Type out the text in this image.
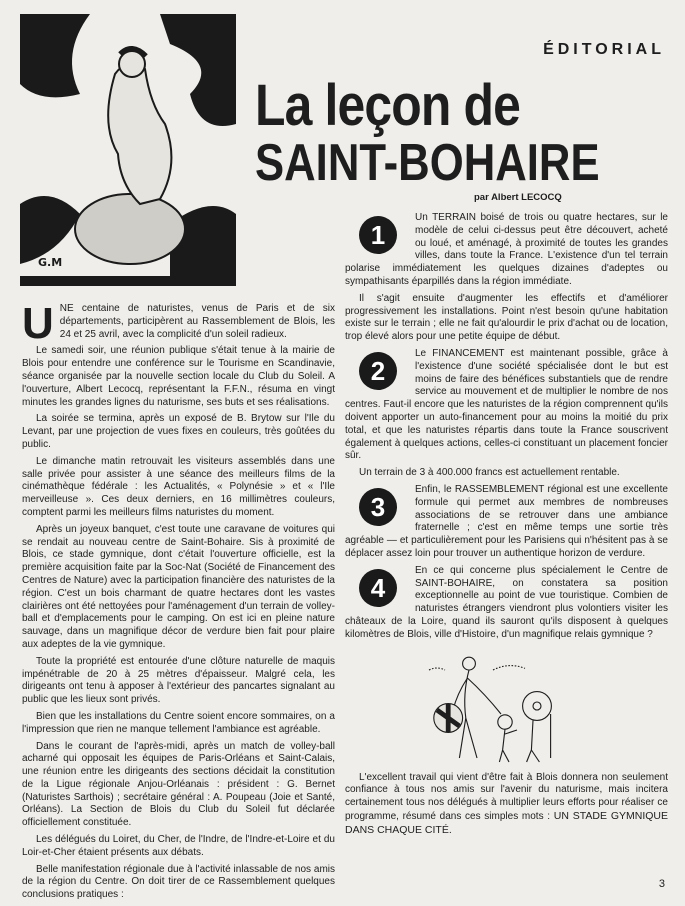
G.M
ÉDITORIAL
La leçon de
SAINT-BOHAIRE
par Albert LECOCQ

UNE centaine de naturistes, venus de Paris et de six départements, participèrent au Rassemblement de Blois, les 24 et 25 avril, avec la complicité d'un soleil radieux.

Le samedi soir, une réunion publique s'était tenue à la mairie de Blois pour entendre une conférence sur le Tourisme en Scandinavie, séance organisée par la nouvelle section locale du Club du Soleil. A l'ouverture, Albert Lecocq, représentant la F.F.N., résuma en vingt minutes les grandes lignes du naturisme, ses buts et ses réalisations.

La soirée se termina, après un exposé de B. Brytow sur l'Ile du Levant, par une projection de vues fixes en couleurs, très goûtées du public.

Le dimanche matin retrouvait les visiteurs assemblés dans une salle privée pour assister à une séance des meilleurs films de la cinémathèque fédérale : les Actualités, « Polynésie » et « l'Ile merveilleuse ». Ces deux derniers, en 16 millimètres couleurs, comptent parmi les meilleurs films naturistes du moment.

Après un joyeux banquet, c'est toute une caravane de voitures qui se rendait au nouveau centre de Saint-Bohaire. Sis à proximité de Blois, ce stade gymnique, dont c'était l'ouverture officielle, est la première acquisition faite par la Soc-Nat (Société de Financement des Centres de Nature) avec la participation financière des naturistes de la région. C'est un bois charmant de quatre hectares dont les vastes clairières ont été nettoyées pour l'aménagement d'un terrain de volley-ball et d'emplacements pour le camping. On est ici en pleine nature sauvage, dans un magnifique décor de verdure bien fait pour plaire aux adeptes de la vie gymnique.

Toute la propriété est entourée d'une clôture naturelle de maquis impénétrable de 20 à 25 mètres d'épaisseur. Malgré cela, les dirigeants ont tenu à apposer à l'extérieur des pancartes signalant au public que les lieux sont privés.

Bien que les installations du Centre soient encore sommaires, on a l'impression que rien ne manque tellement l'ambiance est agréable.

Dans le courant de l'après-midi, après un match de volley-ball acharné qui opposait les équipes de Paris-Orléans et Saint-Calais, une réunion entre les dirigeants des sections décidait la constitution de la Ligue régionale Anjou-Orléanais : président : G. Bernet (Naturistes Sarthois) ; secrétaire général : A. Poupeau (Joie et Santé, Orléans). La Section de Blois du Club du Soleil fut déclarée officiellement constituée.

Les délégués du Loiret, du Cher, de l'Indre, de l'Indre-et-Loire et du Loir-et-Cher étaient présents aux débats.

Belle manifestation régionale due à l'activité inlassable de nos amis de la région du Centre. On doit tirer de ce Rassemblement quelques conclusions pratiques :

1

Un TERRAIN boisé de trois ou quatre hectares, sur le modèle de celui ci-dessus peut être découvert, acheté ou loué, et aménagé, à proximité de toutes les grandes villes, dans toute la France. L'existence d'un tel terrain polarise immédiatement les quelques dizaines d'adeptes ou sympathisants éparpillés dans la région immédiate.

Il s'agit ensuite d'augmenter les effectifs et d'améliorer progressivement les installations. Point n'est besoin qu'une habitation existe sur le terrain ; elle ne fait qu'alourdir le prix d'achat ou de location, trop élevé alors pour une petite équipe de début.

2

Le FINANCEMENT est maintenant possible, grâce à l'existence d'une société spécialisée dont le but est moins de faire des bénéfices substantiels que de rendre service au mouvement et de multiplier le nombre de nos centres. Faut-il encore que les naturistes de la région comprennent qu'ils doivent apporter un auto-financement pour au moins la moitié du prix total, et que les naturistes répartis dans toute la France souscrivent également à quelques actions, celles-ci constituant un placement foncier sûr.

Un terrain de 3 à 400.000 francs est actuellement rentable.

3

Enfin, le RASSEMBLEMENT régional est une excellente formule qui permet aux membres de nombreuses associations de se retrouver dans une ambiance fraternelle ; c'est en même temps une sortie très agréable — et particulièrement pour les Parisiens qui n'hésitent pas à se déplacer assez loin pour trouver un authentique horizon de verdure.

4

En ce qui concerne plus spécialement le Centre de SAINT-BOHAIRE, on constatera sa position exceptionnelle au point de vue touristique. Combien de naturistes étrangers viendront plus volontiers visiter les châteaux de la Loire, quand ils sauront qu'ils disposent à quelques kilomètres de Blois, ville d'Histoire, d'un magnifique relais gymnique ?

L'excellent travail qui vient d'être fait à Blois donnera non seulement confiance à tous nos amis sur l'avenir du naturisme, mais incitera certainement tous nos délégués à multiplier leurs efforts pour réaliser ce programme, résumé dans ces simples mots : UN STADE GYMNIQUE DANS CHAQUE CITÉ.

3
